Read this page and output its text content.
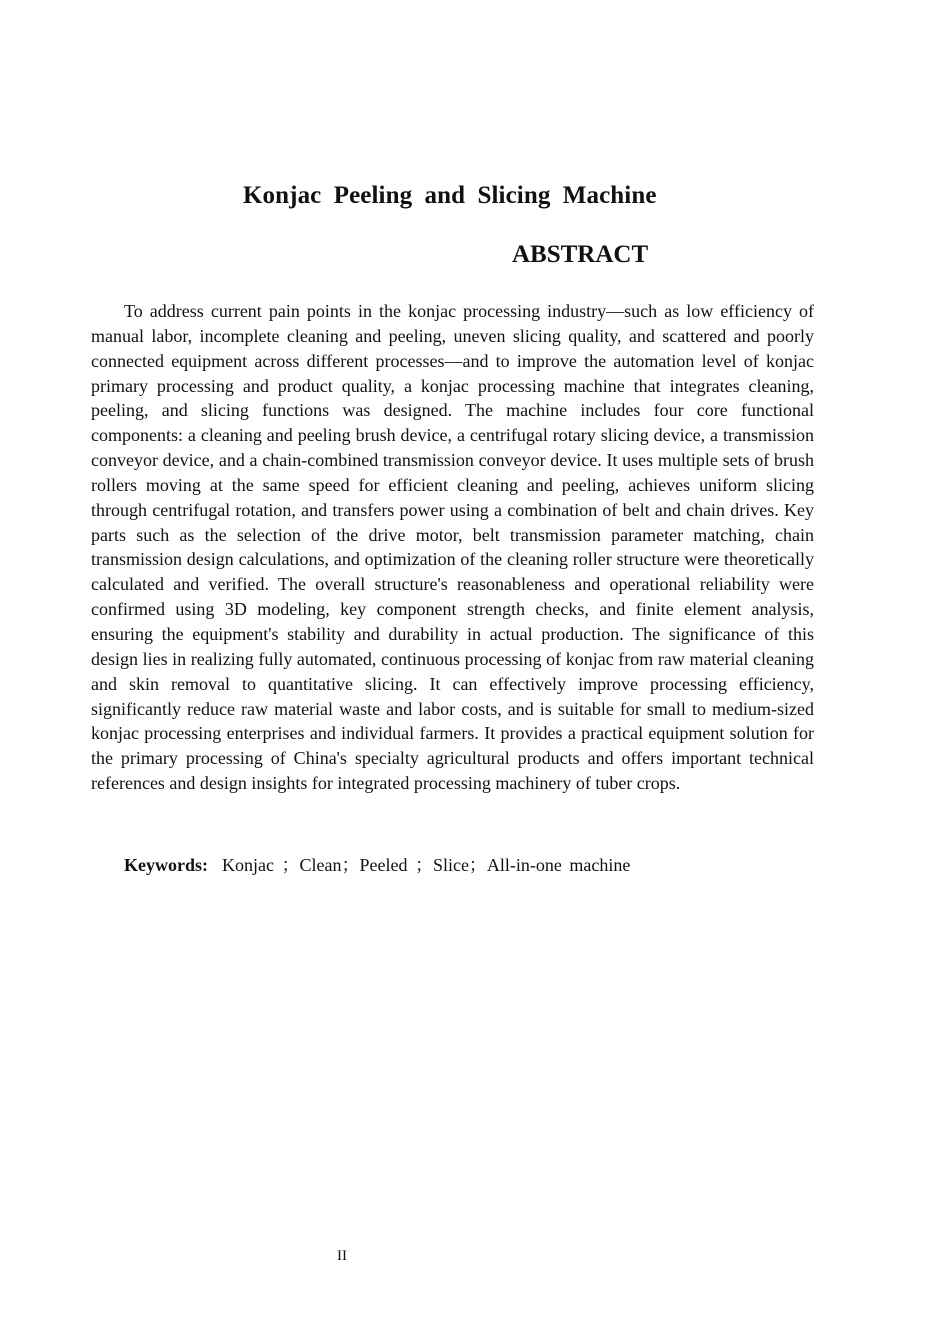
Konjac Peeling and Slicing Machine
ABSTRACT

To address current pain points in the konjac processing industry—such as low efficiency of manual labor, incomplete cleaning and peeling, uneven slicing quality, and scattered and poorly connected equipment across different processes—and to improve the automation level of konjac primary processing and product quality, a konjac processing machine that integrates cleaning, peeling, and slicing functions was designed. The machine includes four core functional components: a cleaning and peeling brush device, a centrifugal rotary slicing device, a transmission conveyor device, and a chain-combined transmission conveyor device. It uses multiple sets of brush rollers moving at the same speed for efficient cleaning and peeling, achieves uniform slicing through centrifugal rotation, and transfers power using a combination of belt and chain drives. Key parts such as the selection of the drive motor, belt transmission parameter matching, chain transmission design calculations, and optimization of the cleaning roller structure were theoretically calculated and verified. The overall structure's reasonableness and operational reliability were confirmed using 3D modeling, key component strength checks, and finite element analysis, ensuring the equipment's stability and durability in actual production. The significance of this design lies in realizing fully automated, continuous processing of konjac from raw material cleaning and skin removal to quantitative slicing. It can effectively improve processing efficiency, significantly reduce raw material waste and labor costs, and is suitable for small to medium-sized konjac processing enterprises and individual farmers. It provides a practical equipment solution for the primary processing of China's specialty agricultural products and offers important technical references and design insights for integrated processing machinery of tuber crops.

Keywords: Konjac ；Clean；Peeled ；Slice；All-in-one machine
II
